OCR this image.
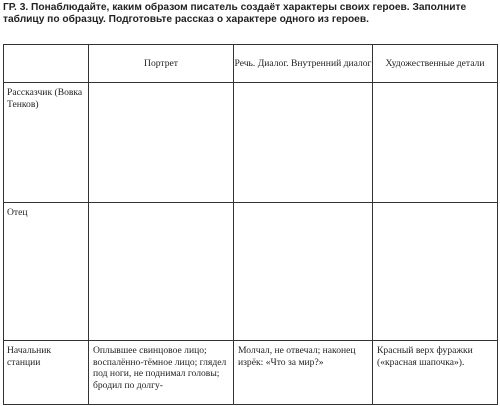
ГР. 3. Понаблюдайте, каким образом писатель создаёт характеры своих героев. Заполните таблицу по образцу. Подготовьте рассказ о характере одного из героев.
	Портрет	Речь. Диалог. Внутренний диалог	Художественные детали
Рассказчик (Вовка Тенков)			
Отец			
Начальник станции	Оплывшее свинцовое лицо; воспалённо-тёмное лицо; глядел под ноги, не поднимал головы; бродил по долгу-	Молчал, не отвечал; наконец изрёк: «Что за мир?»	Красный верх фуражки («красная шапочка»).
